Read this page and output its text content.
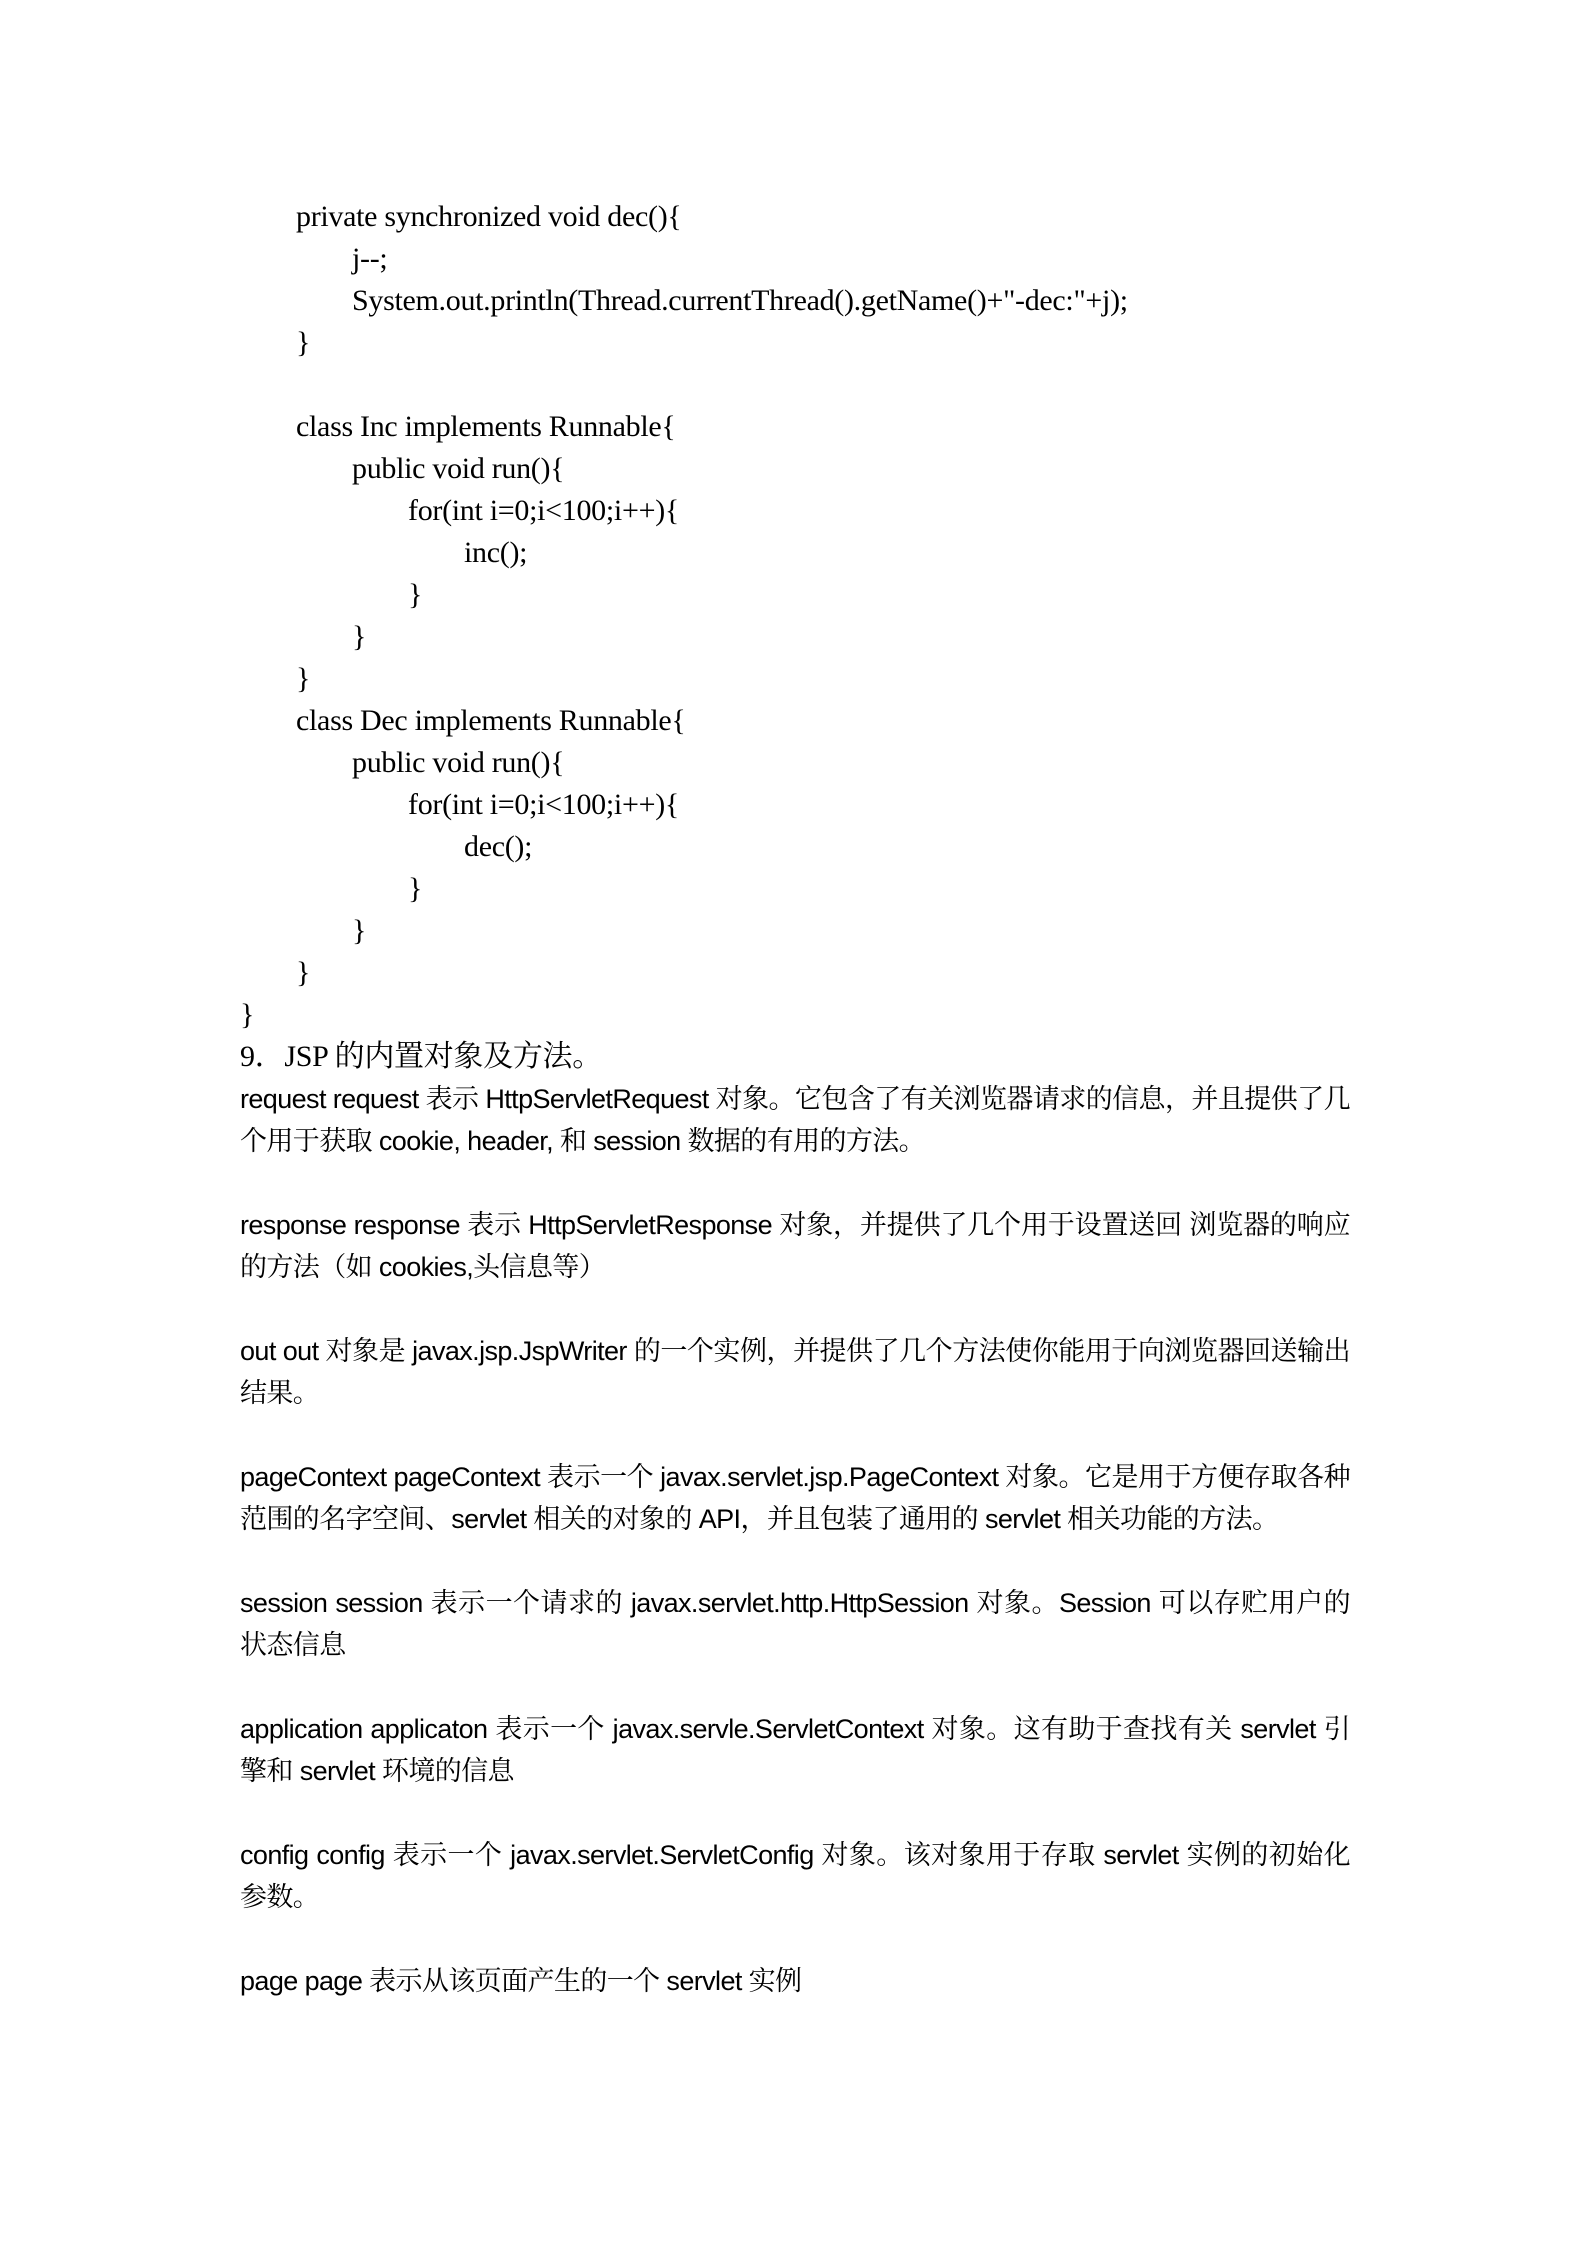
private synchronized void dec(){
j--;
System.out.println(Thread.currentThread().getName()+"-dec:"+j);
}
class Inc implements Runnable{
public void run(){
for(int i=0;i<100;i++){
inc();
}
}
}
class Dec implements Runnable{
public void run(){
for(int i=0;i<100;i++){
dec();
}
}
}
}
9．JSP 的内置对象及方法。

request request 表示 HttpServletRequest 对象。它包含了有关浏览器请求的信息，并且提供了几个用于获取 cookie, header, 和 session 数据的有用的方法。

response response 表示 HttpServletResponse 对象，并提供了几个用于设置送回 浏览器的响应的方法（如 cookies,头信息等）

out out 对象是 javax.jsp.JspWriter 的一个实例，并提供了几个方法使你能用于向浏览器回送输出结果。

pageContext pageContext 表示一个 javax.servlet.jsp.PageContext 对象。它是用于方便存取各种范围的名字空间、servlet 相关的对象的 API，并且包装了通用的 servlet 相关功能的方法。

session session 表示一个请求的 javax.servlet.http.HttpSession 对象。Session 可以存贮用户的状态信息

application applicaton 表示一个 javax.servle.ServletContext 对象。这有助于查找有关 servlet 引擎和 servlet 环境的信息

config config 表示一个 javax.servlet.ServletConfig 对象。该对象用于存取 servlet 实例的初始化参数。

page page 表示从该页面产生的一个 servlet 实例
